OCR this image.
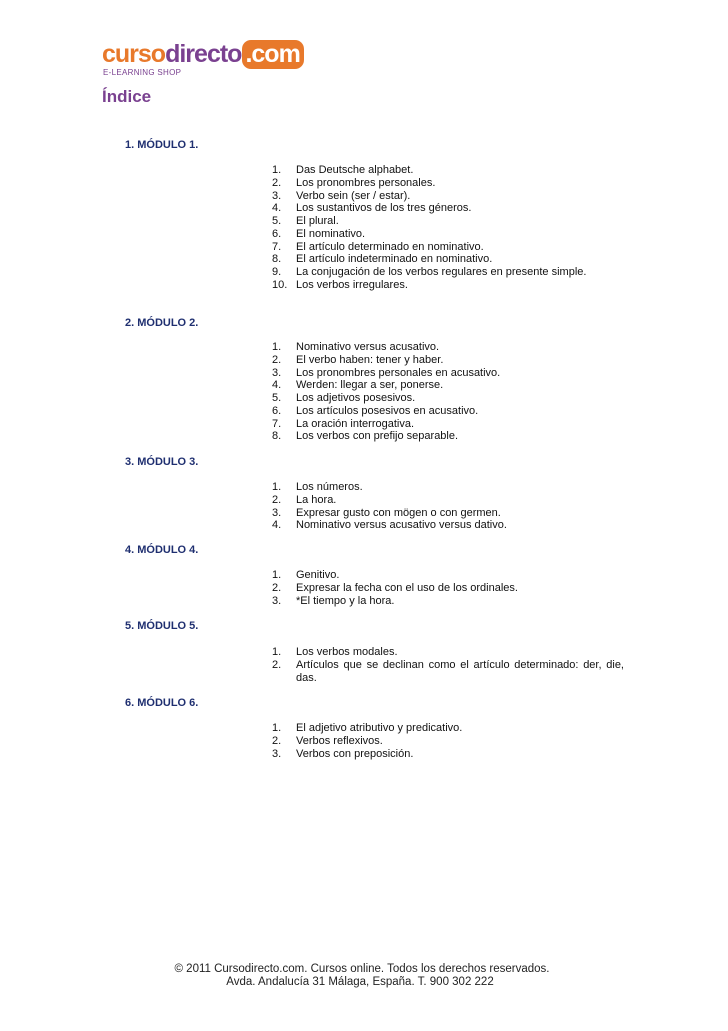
cursodirecto .com
E-LEARNING SHOP
Índice
1. MÓDULO 1.
1. Das Deutsche alphabet.
2. Los pronombres personales.
3. Verbo sein (ser / estar).
4. Los sustantivos de los tres géneros.
5. El plural.
6. El nominativo.
7. El artículo determinado en nominativo.
8. El artículo indeterminado en nominativo.
9. La conjugación de los verbos regulares en presente simple.
10. Los verbos irregulares.
2. MÓDULO 2.
1. Nominativo versus acusativo.
2. El verbo haben: tener y haber.
3. Los pronombres personales en acusativo.
4. Werden: llegar a ser, ponerse.
5. Los adjetivos posesivos.
6. Los artículos posesivos en acusativo.
7. La oración interrogativa.
8. Los verbos con prefijo separable.
3. MÓDULO 3.
1. Los números.
2. La hora.
3. Expresar gusto con mögen o con germen.
4. Nominativo versus acusativo versus dativo.
4. MÓDULO 4.
1. Genitivo.
2. Expresar la fecha con el uso de los ordinales.
3. *El tiempo y la hora.
5. MÓDULO 5.
1. Los verbos modales.
2. Artículos que se declinan como el artículo determinado: der, die, das.
6. MÓDULO 6.
1. El adjetivo atributivo y predicativo.
2. Verbos reflexivos.
3. Verbos con preposición.
© 2011 Cursodirecto.com. Cursos online. Todos los derechos reservados.
Avda. Andalucía 31 Málaga, España. T. 900 302 222
